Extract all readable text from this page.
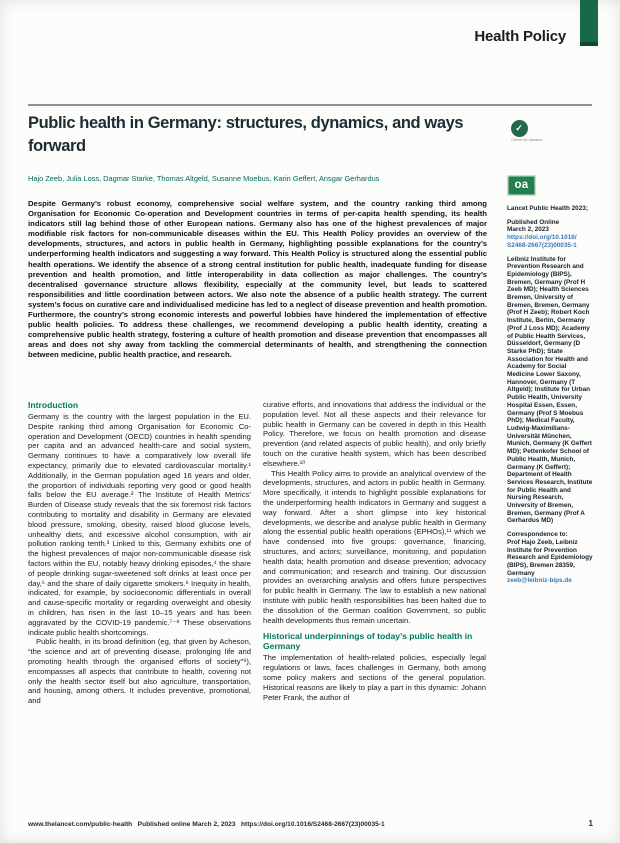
Health Policy
Public health in Germany: structures, dynamics, and ways forward
✓
Check for updates
Hajo Zeeb, Julia Loss, Dagmar Starke, Thomas Altgeld, Susanne Moebus, Karin Geffert, Ansgar Gerhardus
Despite Germany’s robust economy, comprehensive social welfare system, and the country ranking third among Organisation for Economic Co-operation and Development countries in terms of per-capita health spending, its health indicators still lag behind those of other European nations. Germany also has one of the highest prevalences of major modifiable risk factors for non-communicable diseases within the EU. This Health Policy provides an overview of the developments, structures, and actors in public health in Germany, highlighting possible explanations for the country’s underperforming health indicators and suggesting a way forward. This Health Policy is structured along the essential public health operations. We identify the absence of a strong central institution for public health, inadequate funding for disease prevention and health promotion, and little interoperability in data collection as major challenges. The country’s decentralised governance structure allows flexibility, especially at the community level, but leads to scattered responsibilities and little coordination between actors. We also note the absence of a public health strategy. The current system’s focus on curative care and individualised medicine has led to a neglect of disease prevention and health promotion. Furthermore, the country’s strong economic interests and powerful lobbies have hindered the implementation of effective public health policies. To address these challenges, we recommend developing a public health identity, creating a comprehensive public health strategy, fostering a culture of health promotion and disease prevention that encompasses all areas and does not shy away from tackling the commercial determinants of health, and strengthening the connection between medicine, public health practice, and research.
oa

Lancet Public Health 2023;

Published Online
March 2, 2023
https://doi.org/10.1016/
S2468-2667(23)00035-1

Leibniz Institute for Prevention Research and Epidemiology (BIPS), Bremen, Germany (Prof H Zeeb MD); Health Sciences Bremen, University of Bremen, Bremen, Germany (Prof H Zeeb); Robert Koch Institute, Berlin, Germany (Prof J Loss MD); Academy of Public Health Services, Düsseldorf, Germany (D Starke PhD); State Association for Health and Academy for Social Medicine Lower Saxony, Hannover, Germany (T Altgeld); Institute for Urban Public Health, University Hospital Essen, Essen, Germany (Prof S Moebus PhD); Medical Faculty, Ludwig-Maximilians-Universität München, Munich, Germany (K Geffert MD); Pettenkofer School of Public Health, Munich, Germany (K Geffert); Department of Health Services Research, Institute for Public Health and Nursing Research, University of Bremen, Bremen, Germany (Prof A Gerhardus MD)

Correspondence to:
Prof Hajo Zeeb, Leibniz Institute for Prevention Research and Epidemiology (BIPS), Bremen 28359, Germany
zeeb@leibniz-bips.de

Introduction

Germany is the country with the largest population in the EU. Despite ranking third among Organisation for Economic Co-operation and Development (OECD) countries in health spending per capita and an advanced health-care and social system, Germany continues to have a comparatively low overall life expectancy, primarily due to elevated cardiovascular mortality.¹ Additionally, in the German population aged 16 years and older, the proportion of individuals reporting very good or good health falls below the EU average.² The Institute of Health Metrics’ Burden of Disease study reveals that the six foremost risk factors contributing to mortality and disability in Germany are elevated blood pressure, smoking, obesity, raised blood glucose levels, unhealthy diets, and excessive alcohol consumption, with air pollution ranking tenth.³ Linked to this, Germany exhibits one of the highest prevalences of major non-communicable disease risk factors within the EU, notably heavy drinking episodes,⁴ the share of people drinking sugar-sweetened soft drinks at least once per day,⁵ and the share of daily cigarette smokers.⁶ Inequity in health, indicated, for example, by socioeconomic differentials in overall and cause-specific mortality or regarding overweight and obesity in children, has risen in the last 10–15 years and has been aggravated by the COVID-19 pandemic.⁷⁻⁸ These observations indicate public health shortcomings.

Public health, in its broad definition (eg, that given by Acheson, “the science and art of preventing disease, prolonging life and promoting health through the organised efforts of society”⁹), encompasses all aspects that contribute to health, covering not only the health sector itself but also agriculture, transportation, and housing, among others. It includes preventive, promotional, and

curative efforts, and innovations that address the individual or the population level. Not all these aspects and their relevance for public health in Germany can be covered in depth in this Health Policy. Therefore, we focus on health promotion and disease prevention (and related aspects of public health), and only briefly touch on the curative health system, which has been described elsewhere.¹⁰

This Health Policy aims to provide an analytical overview of the developments, structures, and actors in public health in Germany. More specifically, it intends to highlight possible explanations for the underperforming health indicators in Germany and suggest a way forward. After a short glimpse into key historical developments, we describe and analyse public health in Germany along the essential public health operations (EPHOs),¹¹ which we have condensed into five groups: governance, financing, structures, and actors; surveillance, monitoring, and population health data; health promotion and disease prevention; advocacy and communication; and research and training. Our discussion provides an overarching analysis and offers future perspectives for public health in Germany. The law to establish a new national institute with public health responsibilities has been halted due to the dissolution of the German coalition Government, so public health developments thus remain uncertain.

Historical underpinnings of today’s public health in Germany

The implementation of health-related policies, especially legal regulations or laws, faces challenges in Germany, both among some policy makers and sections of the general population. Historical reasons are likely to play a part in this dynamic: Johann Peter Frank, the author of

www.thelancet.com/public-health   Published online March 2, 2023   https://doi.org/10.1016/S2468-2667(23)00035-1	1
